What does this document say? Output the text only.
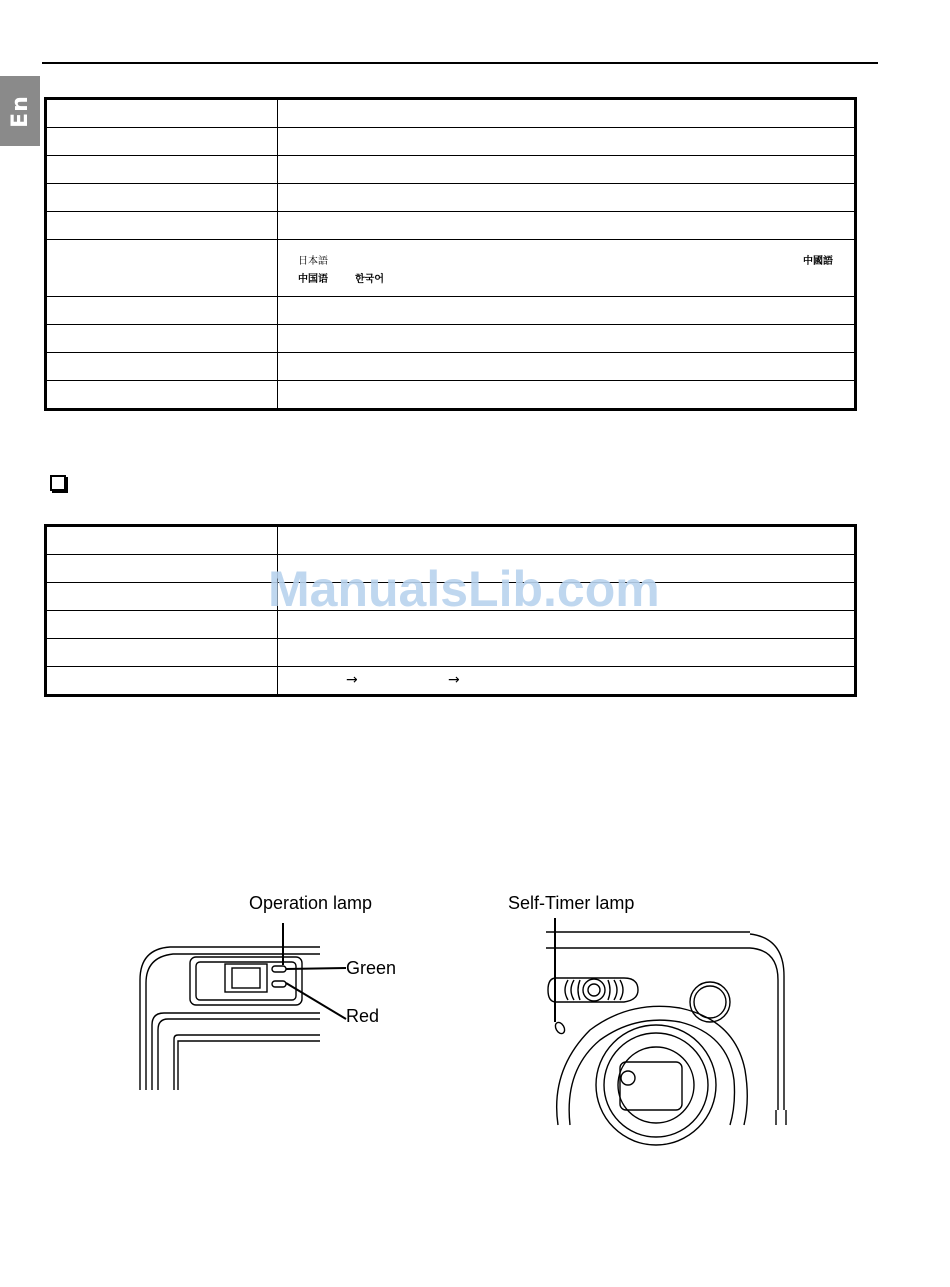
En

	日本語 中國語
中国语 한국어

	→ →
ManualsLib.com
Operation lamp
Green
Red
Self-Timer lamp
